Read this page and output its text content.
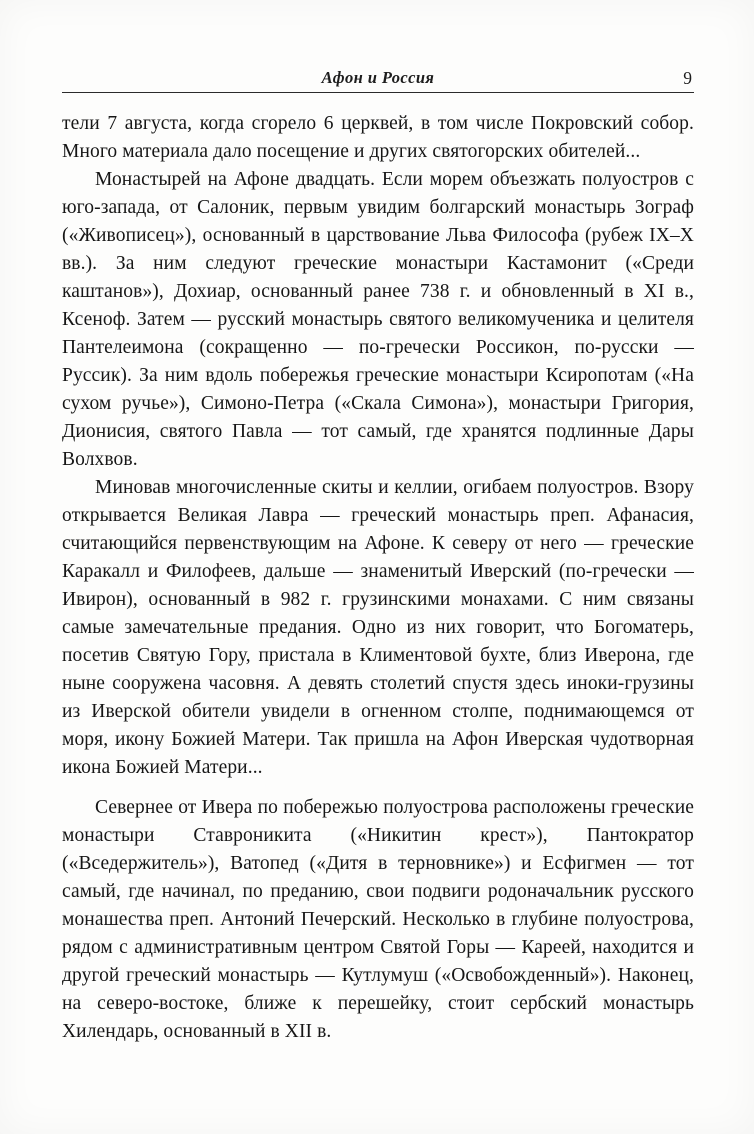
Афон и Россия	9

тели 7 августа, когда сгорело 6 церквей, в том числе Покровский собор. Много материала дало посещение и других святогорских обителей...

Монастырей на Афоне двадцать. Если морем объезжать полуостров с юго-запада, от Салоник, первым увидим болгарский монастырь Зограф («Живописец»), основанный в царствование Льва Философа (рубеж IX–X вв.). За ним следуют греческие монастыри Кастамонит («Среди каштанов»), Дохиар, основанный ранее 738 г. и обновленный в XI в., Ксеноф. Затем — русский монастырь святого великомученика и целителя Пантелеимона (сокращенно — по-гречески Россикон, по-русски — Руссик). За ним вдоль побережья греческие монастыри Ксиропотам («На сухом ручье»), Симоно-Петра («Скала Симона»), монастыри Григория, Дионисия, святого Павла — тот самый, где хранятся подлинные Дары Волхвов.

Миновав многочисленные скиты и келлии, огибаем полуостров. Взору открывается Великая Лавра — греческий монастырь преп. Афанасия, считающийся первенствующим на Афоне. К северу от него — греческие Каракалл и Филофеев, дальше — знаменитый Иверский (по-гречески — Ивирон), основанный в 982 г. грузинскими монахами. С ним связаны самые замечательные предания. Одно из них говорит, что Богоматерь, посетив Святую Гору, пристала в Климентовой бухте, близ Иверона, где ныне сооружена часовня. А девять столетий спустя здесь иноки-грузины из Иверской обители увидели в огненном столпе, поднимающемся от моря, икону Божией Матери. Так пришла на Афон Иверская чудотворная икона Божией Матери...

Севернее от Ивера по побережью полуострова расположены греческие монастыри Ставроникита («Никитин крест»), Пантократор («Вседержитель»), Ватопед («Дитя в терновнике») и Есфигмен — тот самый, где начинал, по преданию, свои подвиги родоначальник русского монашества преп. Антоний Печерский. Несколько в глубине полуострова, рядом с административным центром Святой Горы — Кареей, находится и другой греческий монастырь — Кутлумуш («Освобожденный»). Наконец, на северо-востоке, ближе к перешейку, стоит сербский монастырь Хилендарь, основанный в XII в.
